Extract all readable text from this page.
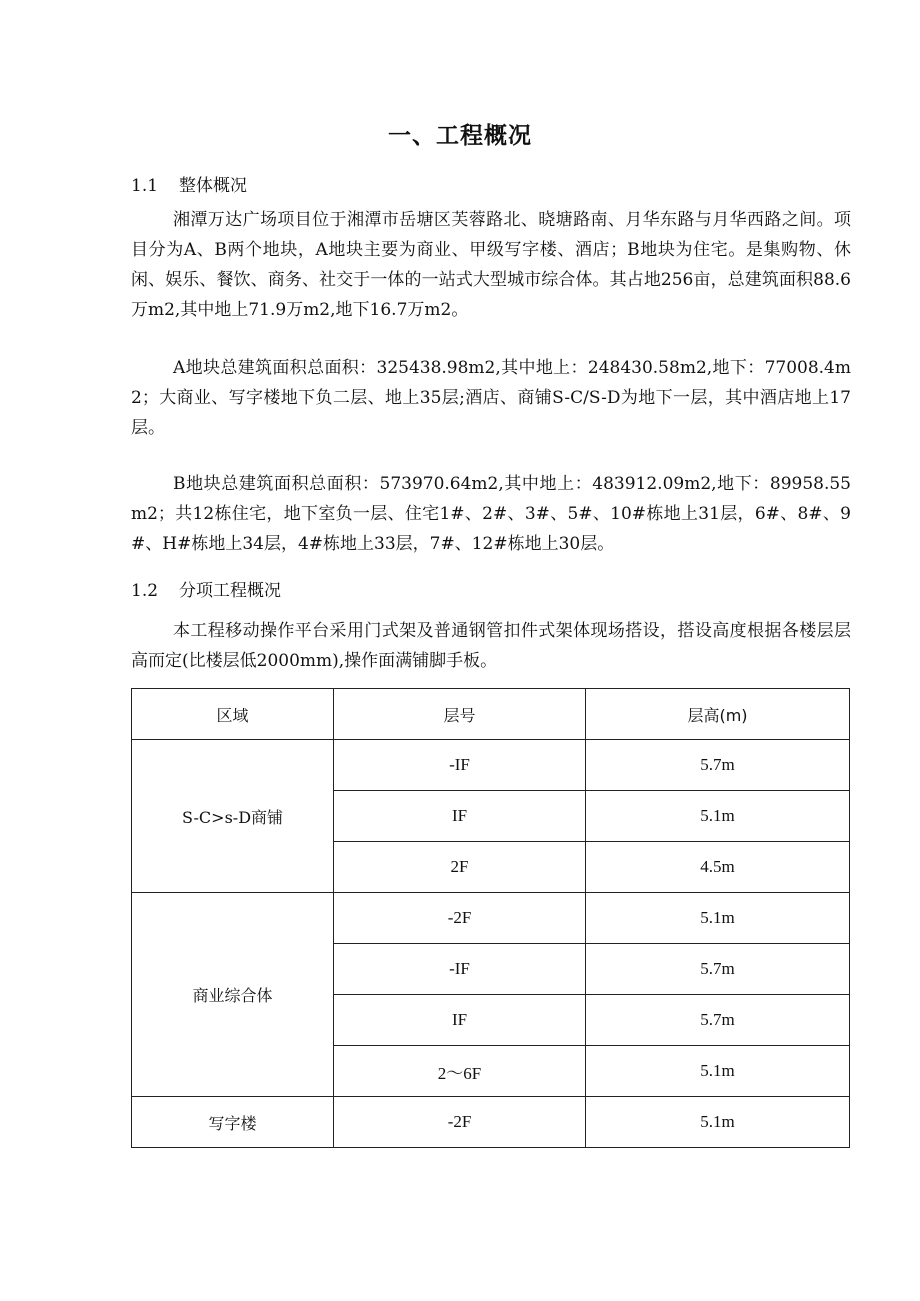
一、工程概况
1.1 整体概况

湘潭万达广场项目位于湘潭市岳塘区芙蓉路北、晓塘路南、月华东路与月华西路之间。项目分为A、B两个地块，A地块主要为商业、甲级写字楼、酒店；B地块为住宅。是集购物、休闲、娱乐、餐饮、商务、社交于一体的一站式大型城市综合体。其占地256亩，总建筑面积88.6万m2,其中地上71.9万m2,地下16.7万m2。

A地块总建筑面积总面积：325438.98m2,其中地上：248430.58m2,地下：77008.4m2；大商业、写字楼地下负二层、地上35层;酒店、商铺S-C/S-D为地下一层，其中酒店地上17层。

B地块总建筑面积总面积：573970.64m2,其中地上：483912.09m2,地下：89958.55m2；共12栋住宅，地下室负一层、住宅1#、2#、3#、5#、10#栋地上31层，6#、8#、9#、H#栋地上34层，4#栋地上33层，7#、12#栋地上30层。

1.2 分项工程概况

本工程移动操作平台采用门式架及普通钢管扣件式架体现场搭设，搭设高度根据各楼层层高而定(比楼层低2000mm),操作面满铺脚手板。

区域	层号	层高(m)
S-C>s-D商铺	-IF	5.7m
	IF	5.1m
	2F	4.5m
商业综合体	-2F	5.1m
	-IF	5.7m
	IF	5.7m
	2～6F	5.1m
写字楼	-2F	5.1m
